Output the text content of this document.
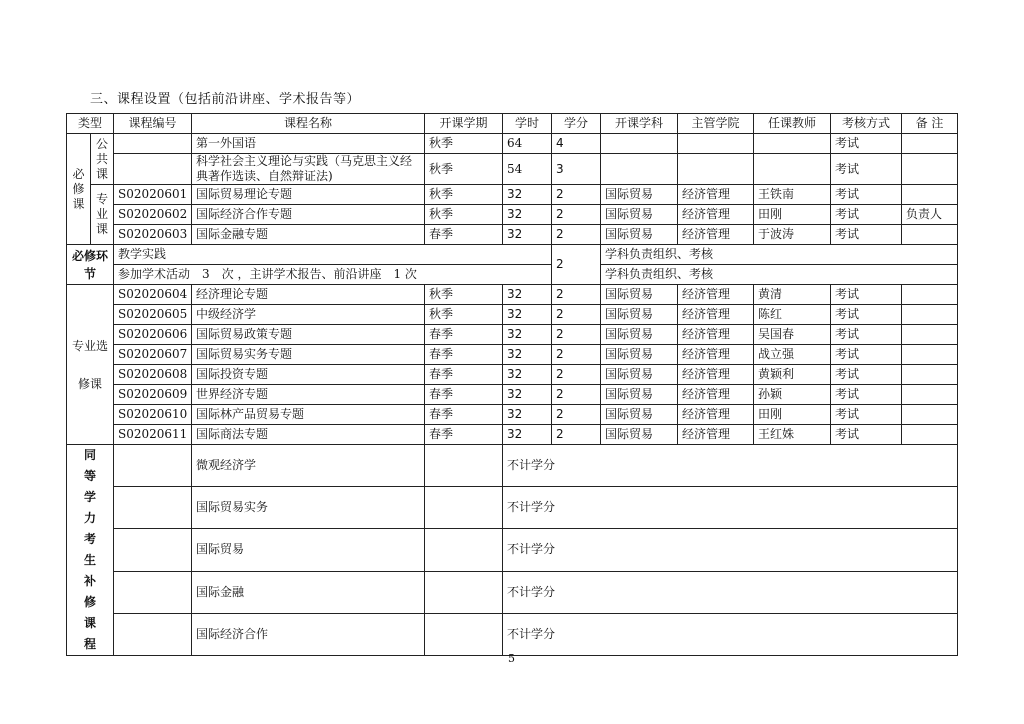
三、课程设置（包括前沿讲座、学术报告等）
类型		课程编号	课程名称	开课学期	学时	学分	开课学科	主管学院	任课教师	考核方式	备 注
必修课	公共课		第一外国语	秋季	64	4				考试	
			科学社会主义理论与实践（马克思主义经典著作选读、自然辩证法)	秋季	54	3				考试	
	专业课	S02020601	国际贸易理论专题	秋季	32	2	国际贸易	经济管理	王铁南	考试	
		S02020602	国际经济合作专题	秋季	32	2	国际贸易	经济管理	田刚	考试	负责人
		S02020603	国际金融专题	春季	32	2	国际贸易	经济管理	于波涛	考试	
必修环节		教学实践				2	学科负责组织、考核				
		参加学术活动　3　次 ，主讲学术报告、前沿讲座　1 次					学科负责组织、考核				
专业选修课		S02020604	经济理论专题	秋季	32	2	国际贸易	经济管理	黄清	考试	
		S02020605	中级经济学	秋季	32	2	国际贸易	经济管理	陈红	考试	
		S02020606	国际贸易政策专题	春季	32	2	国际贸易	经济管理	吴国春	考试	
		S02020607	国际贸易实务专题	春季	32	2	国际贸易	经济管理	战立强	考试	
		S02020608	国际投资专题	春季	32	2	国际贸易	经济管理	黄颖利	考试	
		S02020609	世界经济专题	春季	32	2	国际贸易	经济管理	孙颖	考试	
		S02020610	国际林产品贸易专题	春季	32	2	国际贸易	经济管理	田刚	考试	
		S02020611	国际商法专题	春季	32	2	国际贸易	经济管理	王红姝	考试	
同等学力考生补修课程			微观经济学		不计学分						
			国际贸易实务		不计学分						
			国际贸易		不计学分						
			国际金融		不计学分						
			国际经济合作		不计学分						
5
